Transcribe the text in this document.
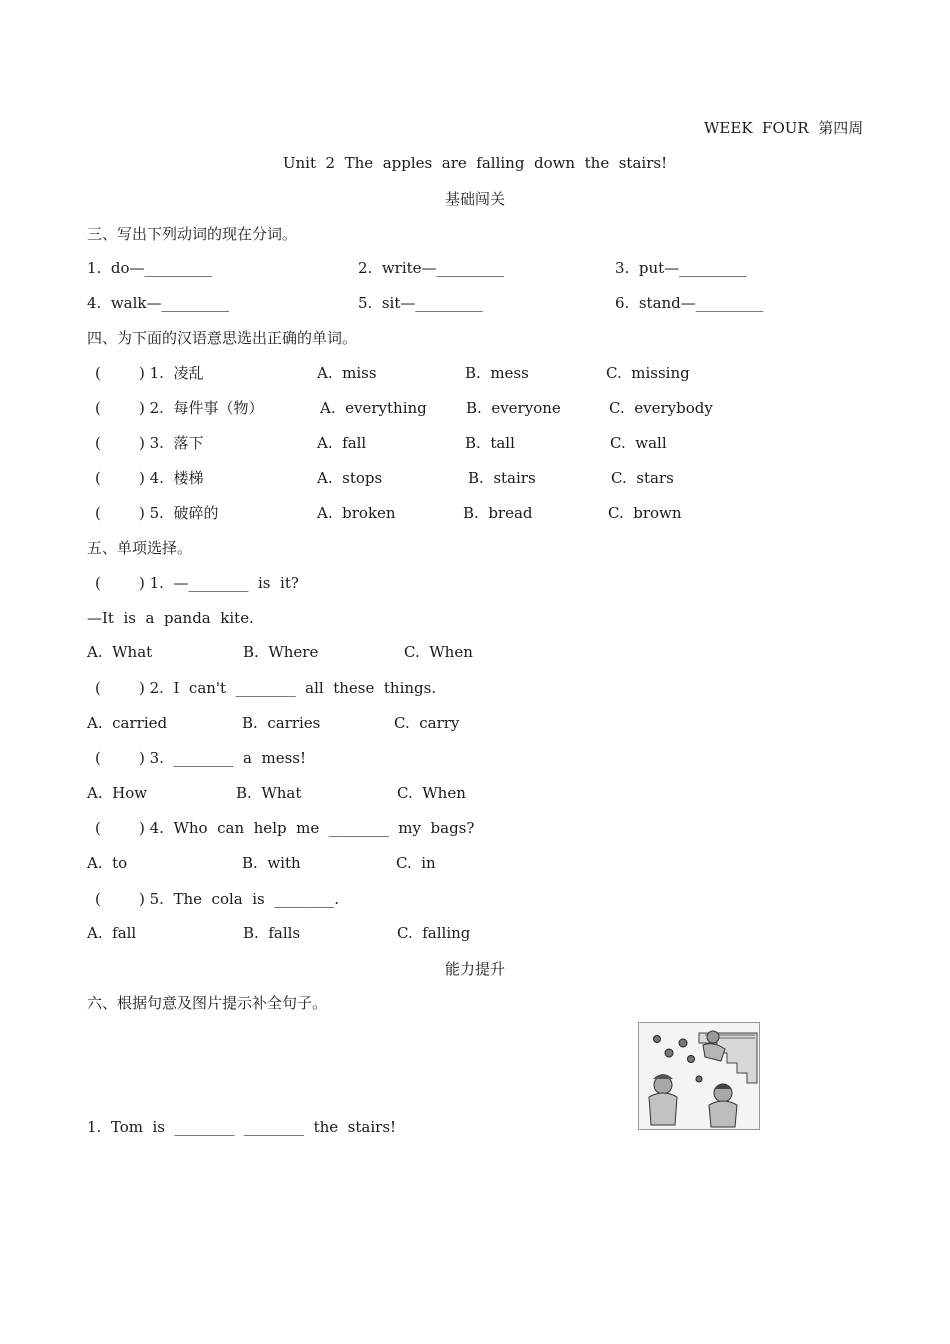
WEEK  FOUR  第四周
Unit  2  The  apples  are  falling  down  the  stairs!
基础闯关
三、写出下列动词的现在分词。
1.  do—_________	2.  write—_________	3.  put—_________
4.  walk—_________	5.  sit—_________	6.  stand—_________
四、为下面的汉语意思选出正确的单词。
(        ) 1.  凌乱	A.  miss	B.  mess	C.  missing
(        ) 2.  每件事（物）	A.  everything	B.  everyone	C.  everybody
(        ) 3.  落下	A.  fall	B.  tall	C.  wall
(        ) 4.  楼梯	A.  stops	B.  stairs	C.  stars
(        ) 5.  破碎的	A.  broken	B.  bread	C.  brown
五、单项选择。
(        ) 1.  —________  is  it?
—It  is  a  panda  kite.
A.  What	B.  Where	C.  When
(        ) 2.  I  can't  ________  all  these  things.
A.  carried	B.  carries	C.  carry
(        ) 3.  ________  a  mess!
A.  How	B.  What	C.  When
(        ) 4.  Who  can  help  me  ________  my  bags?
A.  to	B.  with	C.  in
(        ) 5.  The  cola  is  ________.
A.  fall	B.  falls	C.  falling
能力提升
六、根据句意及图片提示补全句子。
1.  Tom  is  ________  ________  the  stairs!
